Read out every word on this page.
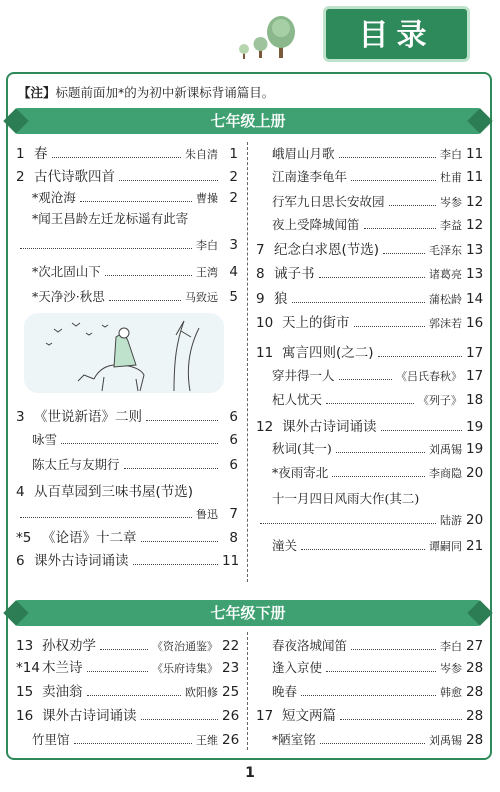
目录
【注】标题前面加*的为初中新课标背诵篇目。
七年级上册
1 春	朱自清 1
2 古代诗歌四首	2
*观沧海	曹操 2
*闻王昌龄左迁龙标遥有此寄
李白 3
*次北固山下	王湾 4
*天净沙·秋思	马致远 5
3 《世说新语》二则	6
咏雪	6
陈太丘与友期行	6
4 从百草园到三味书屋(节选)
鲁迅 7
*5 《论语》十二章	8
6 课外古诗词诵读	11
峨眉山月歌	李白 11
江南逢李龟年	杜甫 11
行军九日思长安故园	岑参 12
夜上受降城闻笛	李益 12
7 纪念白求恩(节选)	毛泽东 13
8 诫子书	诸葛亮 13
9 狼	蒲松龄 14
10 天上的街市	郭沫若 16
11 寓言四则(之二)	17
穿井得一人	《吕氏春秋》 17
杞人忧天	《列子》 18
12 课外古诗词诵读	19
秋词(其一)	刘禹锡 19
*夜雨寄北	李商隐 20
十一月四日风雨大作(其二)
陆游 20
潼关	谭嗣同 21
七年级下册
13 孙权劝学	《资治通鉴》 22
*14 木兰诗	《乐府诗集》 23
15 卖油翁	欧阳修 25
16 课外古诗词诵读	26
竹里馆	王维 26
春夜洛城闻笛	李白 27
逢入京使	岑参 28
晚春	韩愈 28
17 短文两篇	28
*陋室铭	刘禹锡 28
1
